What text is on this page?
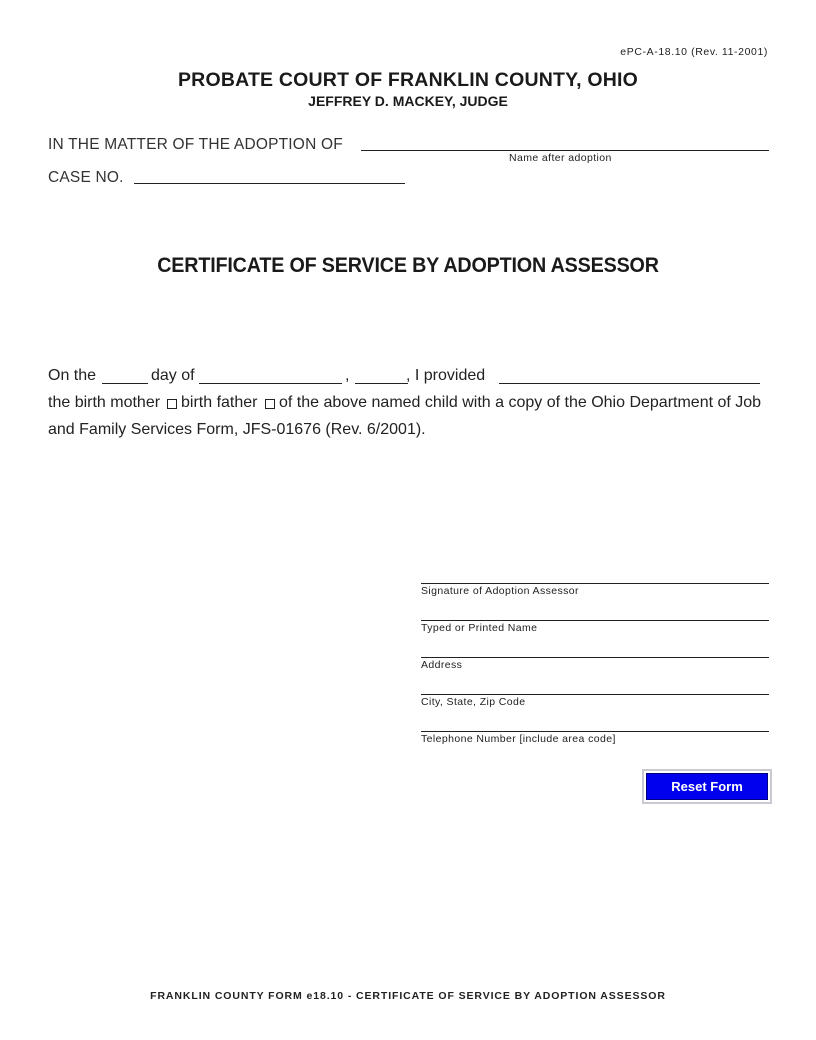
ePC-A-18.10 (Rev. 11-2001)
PROBATE COURT OF FRANKLIN COUNTY, OHIO
JEFFREY D. MACKEY, JUDGE
IN THE MATTER OF THE ADOPTION OF
Name after adoption
CASE NO.
CERTIFICATE OF SERVICE BY ADOPTION ASSESSOR
On the	day of	,	, I provided
the birth mother birth father of the above named child with a copy of the Ohio Department of Job
and Family Services Form, JFS-01676 (Rev. 6/2001).
Signature of Adoption Assessor
Typed or Printed Name
Address
City, State, Zip Code
Telephone Number [include area code]
Reset Form
FRANKLIN COUNTY FORM e18.10 - CERTIFICATE OF SERVICE BY ADOPTION ASSESSOR
